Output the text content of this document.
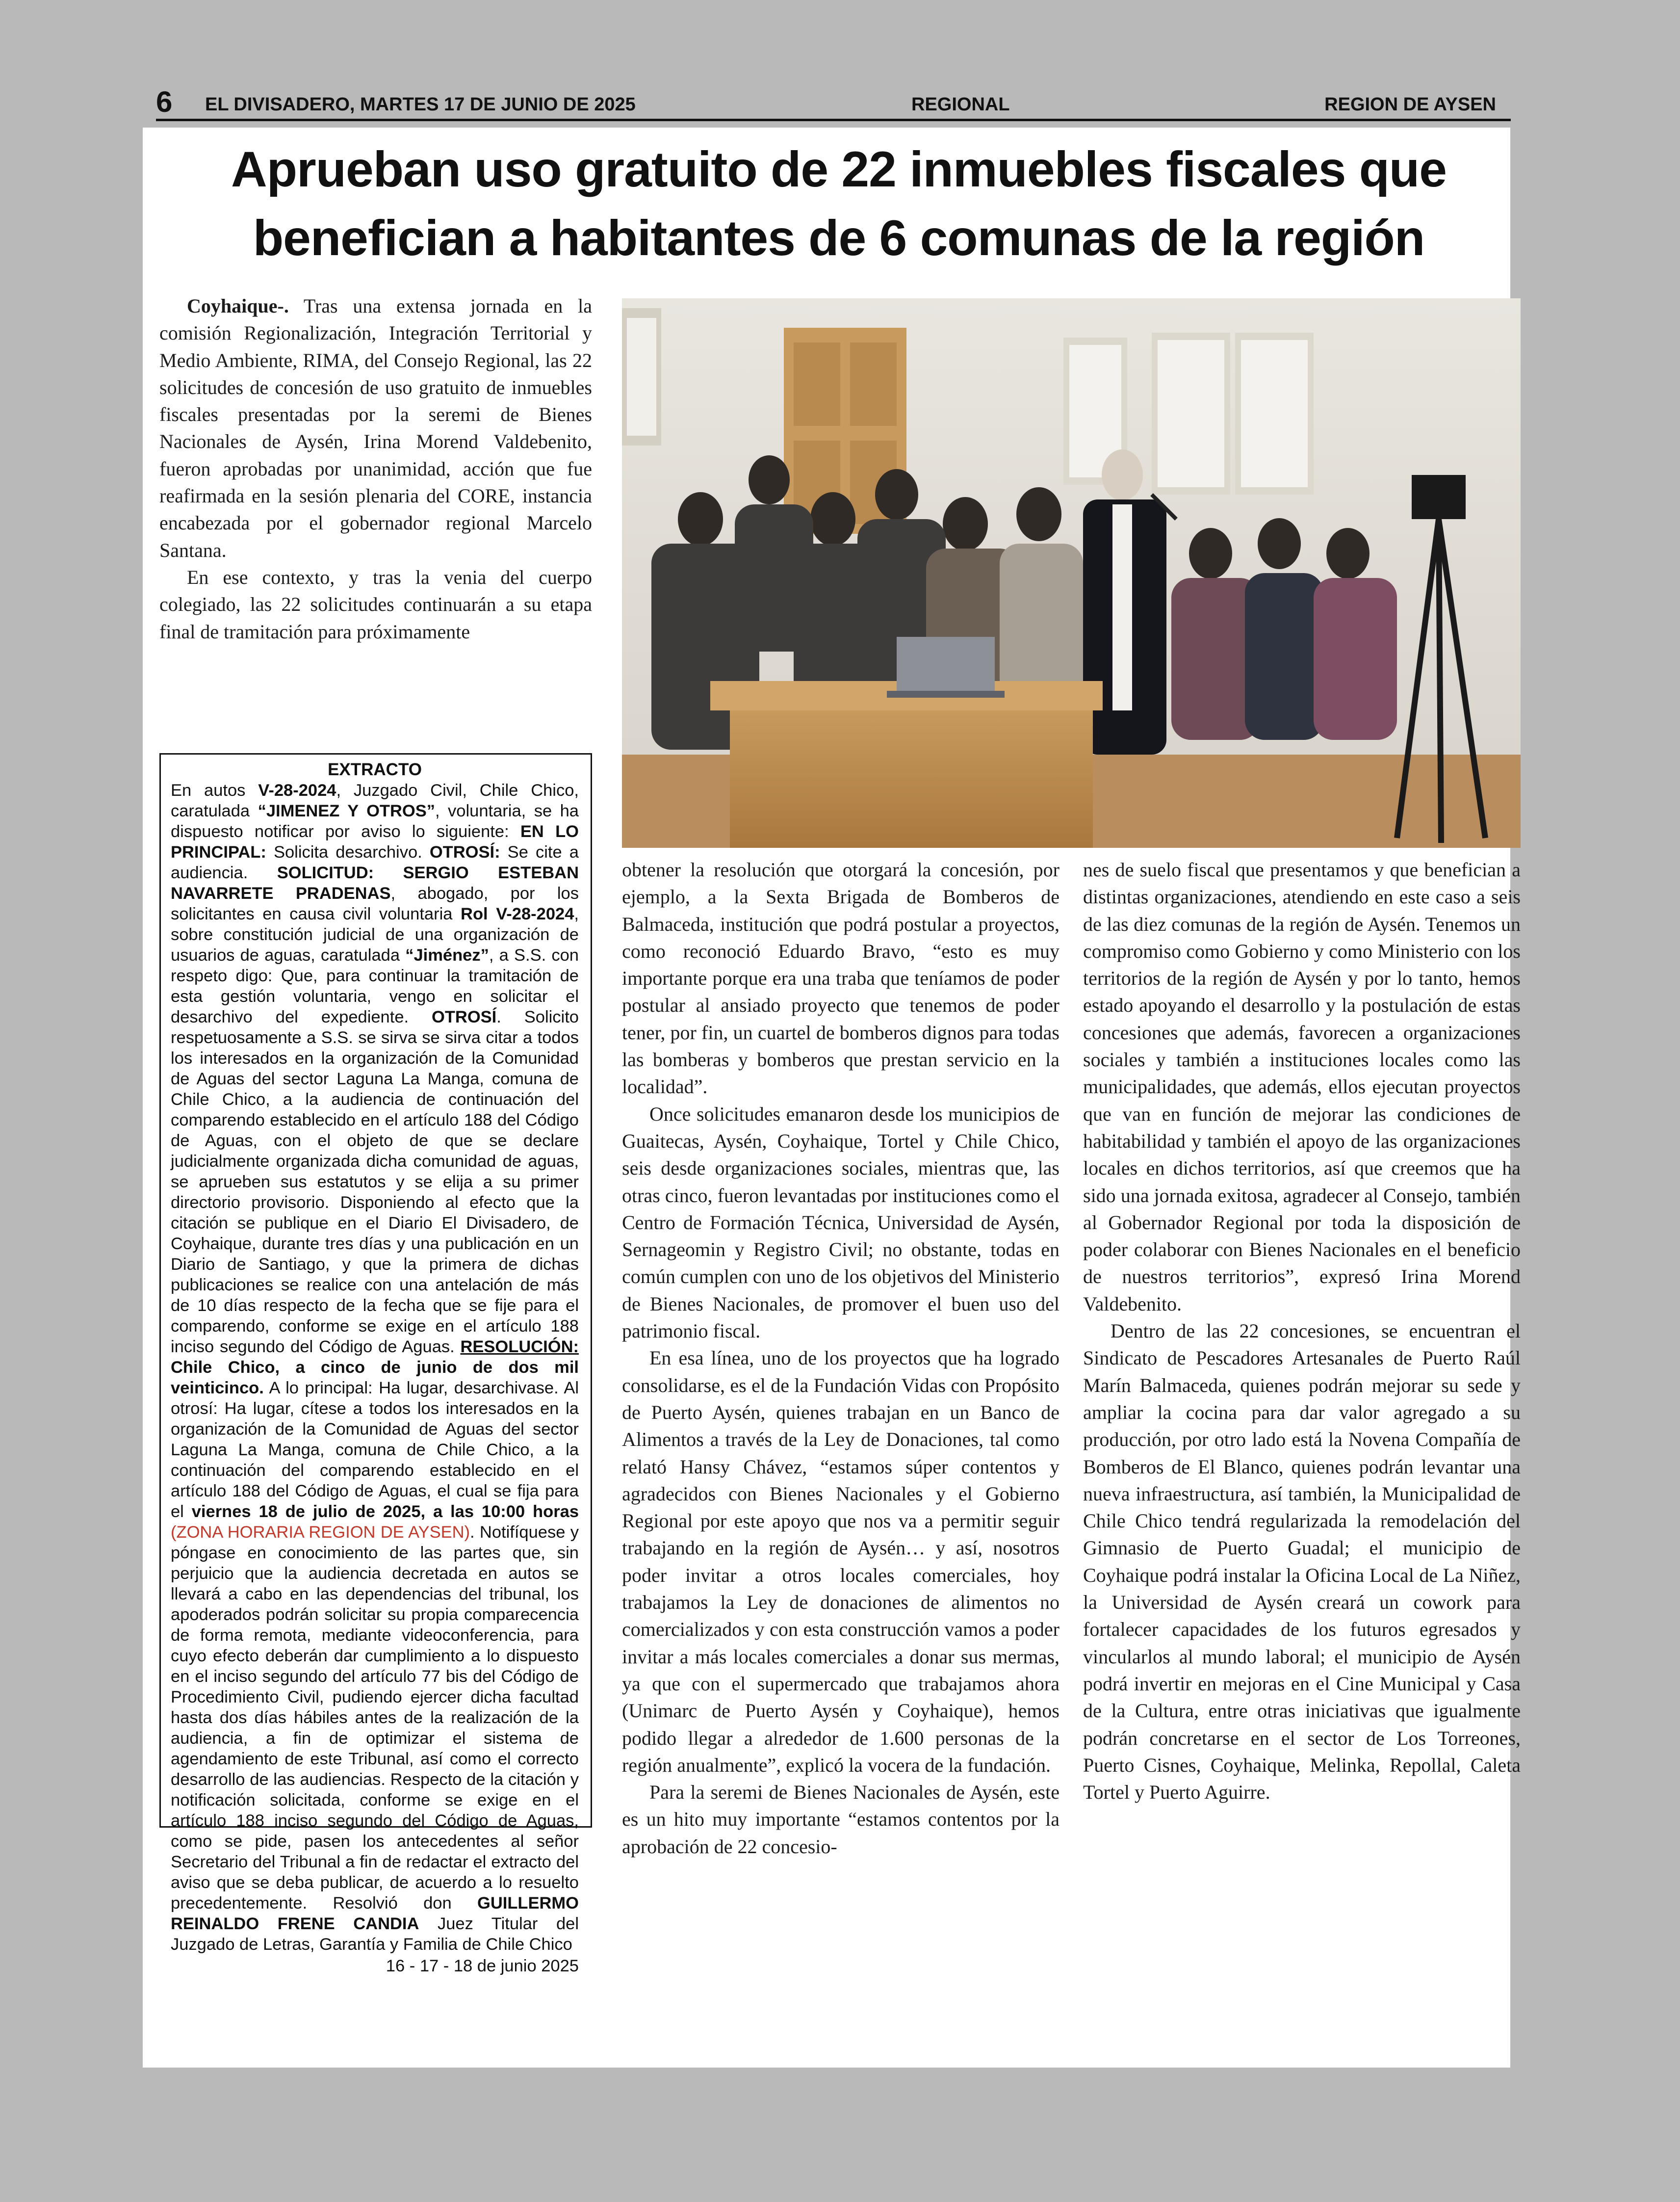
6 EL DIVISADERO, MARTES 17 DE JUNIO DE 2025	REGIONAL	REGION DE AYSEN
Aprueban uso gratuito de 22 inmuebles fiscales que
benefician a habitantes de 6 comunas de la región

Coyhaique-. Tras una extensa jornada en la comisión Regionalización, Integración Territorial y Medio Ambiente, RIMA, del Consejo Regional, las 22 solicitudes de concesión de uso gratuito de inmuebles fiscales presentadas por la seremi de Bienes Nacionales de Aysén, Irina Morend Valdebenito, fueron aprobadas por unanimidad, acción que fue reafirmada en la sesión plenaria del CORE, instancia encabezada por el gobernador regional Marcelo Santana.

En ese contexto, y tras la venia del cuerpo colegiado, las 22 solicitudes continuarán a su etapa final de tramitación para próximamente

EXTRACTO
En autos V-28-2024, Juzgado Civil, Chile Chico, caratulada “JIMENEZ Y OTROS”, voluntaria, se ha dispuesto notificar por aviso lo siguiente: EN LO PRINCIPAL: Solicita desarchivo. OTROSÍ: Se cite a audiencia. SOLICITUD: SERGIO ESTEBAN NAVARRETE PRADENAS, abogado, por los solicitantes en causa civil voluntaria Rol V-28-2024, sobre constitución judicial de una organización de usuarios de aguas, caratulada “Jiménez”, a S.S. con respeto digo: Que, para continuar la tramitación de esta gestión voluntaria, vengo en solicitar el desarchivo del expediente. OTROSÍ. Solicito respetuosamente a S.S. se sirva se sirva citar a todos los interesados en la organización de la Comunidad de Aguas del sector Laguna La Manga, comuna de Chile Chico, a la audiencia de continuación del comparendo establecido en el artículo 188 del Código de Aguas, con el objeto de que se declare judicialmente organizada dicha comunidad de aguas, se aprueben sus estatutos y se elija a su primer directorio provisorio. Disponiendo al efecto que la citación se publique en el Diario El Divisadero, de Coyhaique, durante tres días y una publicación en un Diario de Santiago, y que la primera de dichas publicaciones se realice con una antelación de más de 10 días respecto de la fecha que se fije para el comparendo, conforme se exige en el artículo 188 inciso segundo del Código de Aguas. RESOLUCIÓN: Chile Chico, a cinco de junio de dos mil veinticinco. A lo principal: Ha lugar, desarchivase. Al otrosí: Ha lugar, cítese a todos los interesados en la organización de la Comunidad de Aguas del sector Laguna La Manga, comuna de Chile Chico, a la continuación del comparendo establecido en el artículo 188 del Código de Aguas, el cual se fija para el viernes 18 de julio de 2025, a las 10:00 horas (ZONA HORARIA REGION DE AYSEN). Notifíquese y póngase en conocimiento de las partes que, sin perjuicio que la audiencia decretada en autos se llevará a cabo en las dependencias del tribunal, los apoderados podrán solicitar su propia comparecencia de forma remota, mediante videoconferencia, para cuyo efecto deberán dar cumplimiento a lo dispuesto en el inciso segundo del artículo 77 bis del Código de Procedimiento Civil, pudiendo ejercer dicha facultad hasta dos días hábiles antes de la realización de la audiencia, a fin de optimizar el sistema de agendamiento de este Tribunal, así como el correcto desarrollo de las audiencias. Respecto de la citación y notificación solicitada, conforme se exige en el artículo 188 inciso segundo del Código de Aguas, como se pide, pasen los antecedentes al señor Secretario del Tribunal a fin de redactar el extracto del aviso que se deba publicar, de acuerdo a lo resuelto precedentemente. Resolvió don GUILLERMO REINALDO FRENE CANDIA Juez Titular del Juzgado de Letras, Garantía y Familia de Chile Chico
16 - 17 - 18 de junio 2025

obtener la resolución que otorgará la concesión, por ejemplo, a la Sexta Brigada de Bomberos de Balmaceda, institución que podrá postular a proyectos, como reconoció Eduardo Bravo, “esto es muy importante porque era una traba que teníamos de poder postular al ansiado proyecto que tenemos de poder tener, por fin, un cuartel de bomberos dignos para todas las bomberas y bomberos que prestan servicio en la localidad”.

Once solicitudes emanaron desde los municipios de Guaitecas, Aysén, Coyhaique, Tortel y Chile Chico, seis desde organizaciones sociales, mientras que, las otras cinco, fueron levantadas por instituciones como el Centro de Formación Técnica, Universidad de Aysén, Sernageomin y Registro Civil; no obstante, todas en común cumplen con uno de los objetivos del Ministerio de Bienes Nacionales, de promover el buen uso del patrimonio fiscal.

En esa línea, uno de los proyectos que ha logrado consolidarse, es el de la Fundación Vidas con Propósito de Puerto Aysén, quienes trabajan en un Banco de Alimentos a través de la Ley de Donaciones, tal como relató Hansy Chávez, “estamos súper contentos y agradecidos con Bienes Nacionales y el Gobierno Regional por este apoyo que nos va a permitir seguir trabajando en la región de Aysén… y así, nosotros poder invitar a otros locales comerciales, hoy trabajamos la Ley de donaciones de alimentos no comercializados y con esta construcción vamos a poder invitar a más locales comerciales a donar sus mermas, ya que con el supermercado que trabajamos ahora (Unimarc de Puerto Aysén y Coyhaique), hemos podido llegar a alrededor de 1.600 personas de la región anualmente”, explicó la vocera de la fundación.

Para la seremi de Bienes Nacionales de Aysén, este es un hito muy importante “estamos contentos por la aprobación de 22 concesio-

nes de suelo fiscal que presentamos y que benefician a distintas organizaciones, atendiendo en este caso a seis de las diez comunas de la región de Aysén. Tenemos un compromiso como Gobierno y como Ministerio con los territorios de la región de Aysén y por lo tanto, hemos estado apoyando el desarrollo y la postulación de estas concesiones que además, favorecen a organizaciones sociales y también a instituciones locales como las municipalidades, que además, ellos ejecutan proyectos que van en función de mejorar las condiciones de habitabilidad y también el apoyo de las organizaciones locales en dichos territorios, así que creemos que ha sido una jornada exitosa, agradecer al Consejo, también al Gobernador Regional por toda la disposición de poder colaborar con Bienes Nacionales en el beneficio de nuestros territorios”, expresó Irina Morend Valdebenito.

Dentro de las 22 concesiones, se encuentran el Sindicato de Pescadores Artesanales de Puerto Raúl Marín Balmaceda, quienes podrán mejorar su sede y ampliar la cocina para dar valor agregado a su producción, por otro lado está la Novena Compañía de Bomberos de El Blanco, quienes podrán levantar una nueva infraestructura, así también, la Municipalidad de Chile Chico tendrá regularizada la remodelación del Gimnasio de Puerto Guadal; el municipio de Coyhaique podrá instalar la Oficina Local de La Niñez, la Universidad de Aysén creará un cowork para fortalecer capacidades de los futuros egresados y vincularlos al mundo laboral; el municipio de Aysén podrá invertir en mejoras en el Cine Municipal y Casa de la Cultura, entre otras iniciativas que igualmente podrán concretarse en el sector de Los Torreones, Puerto Cisnes, Coyhaique, Melinka, Repollal, Caleta Tortel y Puerto Aguirre.
